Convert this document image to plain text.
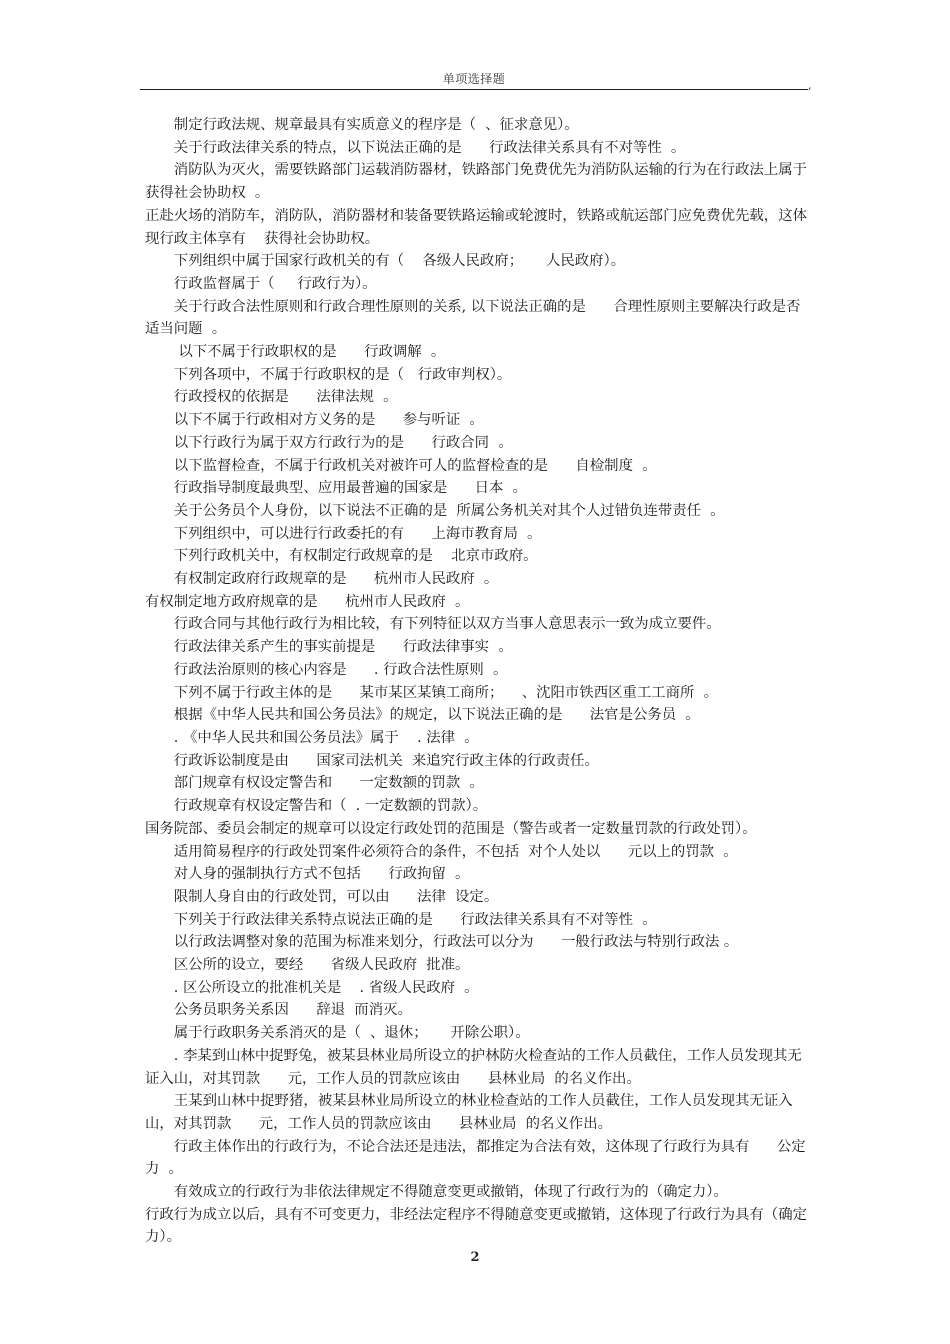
单项选择题	,

制定行政法规、规章最具有实质意义的程序是（  、征求意见）。

关于行政法律关系的特点，以下说法正确的是      行政法律关系具有不对等性  。

消防队为灭火，需要铁路部门运载消防器材，铁路部门免费优先为消防队运输的行为在行政法上属于      获得社会协助权  。

正赴火场的消防车，消防队，消防器材和装备要铁路运输或轮渡时，铁路或航运部门应免费优先载，这体现行政主体享有    获得社会协助权。

下列组织中属于国家行政机关的有（    各级人民政府；     人民政府）。

行政监督属于（     行政行为）。

关于行政合法性原则和行政合理性原则的关系, 以下说法正确的是      合理性原则主要解决行政是否适当问题  。

以下不属于行政职权的是      行政调解  。

下列各项中，不属于行政职权的是（   行政审判权）。

行政授权的依据是      法律法规  。

以下不属于行政相对方义务的是      参与听证  。

以下行政行为属于双方行政行为的是      行政合同  。

以下监督检查，不属于行政机关对被许可人的监督检查的是      自检制度  。

行政指导制度最典型、应用最普遍的国家是      日本  。

关于公务员个人身份，以下说法不正确的是  所属公务机关对其个人过错负连带责任  。

下列组织中，可以进行行政委托的有      上海市教育局  。

下列行政机关中，有权制定行政规章的是    北京市政府。

有权制定政府行政规章的是      杭州市人民政府  。

有权制定地方政府规章的是      杭州市人民政府  。

行政合同与其他行政行为相比较，有下列特征以双方当事人意思表示一致为成立要件。

行政法律关系产生的事实前提是      行政法律事实  。

行政法治原则的核心内容是      . 行政合法性原则  。

下列不属于行政主体的是      某市某区某镇工商所；    、沈阳市铁西区重工工商所  。

根据《中华人民共和国公务员法》的规定，以下说法正确的是      法官是公务员  。

. 《中华人民共和国公务员法》属于    . 法律  。

行政诉讼制度是由      国家司法机关  来追究行政主体的行政责任。

部门规章有权设定警告和      一定数额的罚款  。

行政规章有权设定警告和（  . 一定数额的罚款）。

国务院部、委员会制定的规章可以设定行政处罚的范围是（警告或者一定数量罚款的行政处罚）。

适用简易程序的行政处罚案件必须符合的条件，不包括  对个人处以      元以上的罚款  。

对人身的强制执行方式不包括      行政拘留  。

限制人身自由的行政处罚，可以由      法律  设定。

下列关于行政法律关系特点说法正确的是      行政法律关系具有不对等性  。

以行政法调整对象的范围为标准来划分，行政法可以分为      一般行政法与特别行政法 。

区公所的设立，要经      省级人民政府  批准。

. 区公所设立的批准机关是    . 省级人民政府  。

公务员职务关系因      辞退  而消灭。

属于行政职务关系消灭的是（  、退休；     开除公职）。

. 李某到山林中捉野兔，被某县林业局所设立的护林防火检查站的工作人员截住，工作人员发现其无证入山，对其罚款      元，工作人员的罚款应该由      县林业局  的名义作出。

王某到山林中捉野猪，被某县林业局所设立的林业检查站的工作人员截住，工作人员发现其无证入山，对其罚款      元，工作人员的罚款应该由      县林业局  的名义作出。

行政主体作出的行政行为，不论合法还是违法，都推定为合法有效，这体现了行政行为具有      公定力  。

有效成立的行政行为非依法律规定不得随意变更或撤销，体现了行政行为的（确定力）。

行政行为成立以后，具有不可变更力，非经法定程序不得随意变更或撤销，这体现了行政行为具有（确定力）。

2
